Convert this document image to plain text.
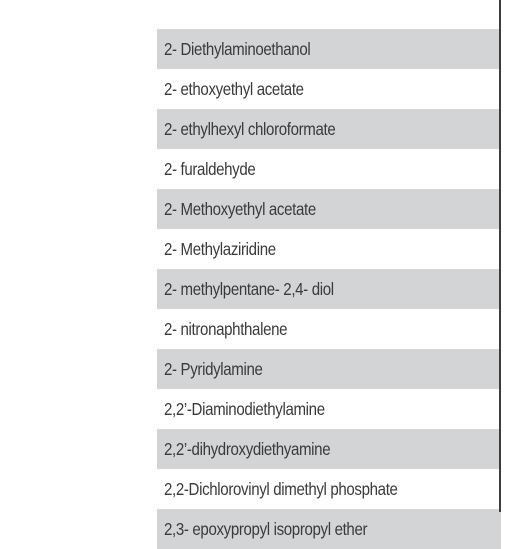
2- Diethylaminoethanol
2- ethoxyethyl acetate
2- ethylhexyl chloroformate
2- furaldehyde
2- Methoxyethyl acetate
2- Methylaziridine
2- methylpentane- 2,4- diol
2- nitronaphthalene
2- Pyridylamine
2,2’-Diaminodiethylamine
2,2’-dihydroxydiethyamine
2,2-Dichlorovinyl dimethyl phosphate
2,3- epoxypropyl isopropyl ether
